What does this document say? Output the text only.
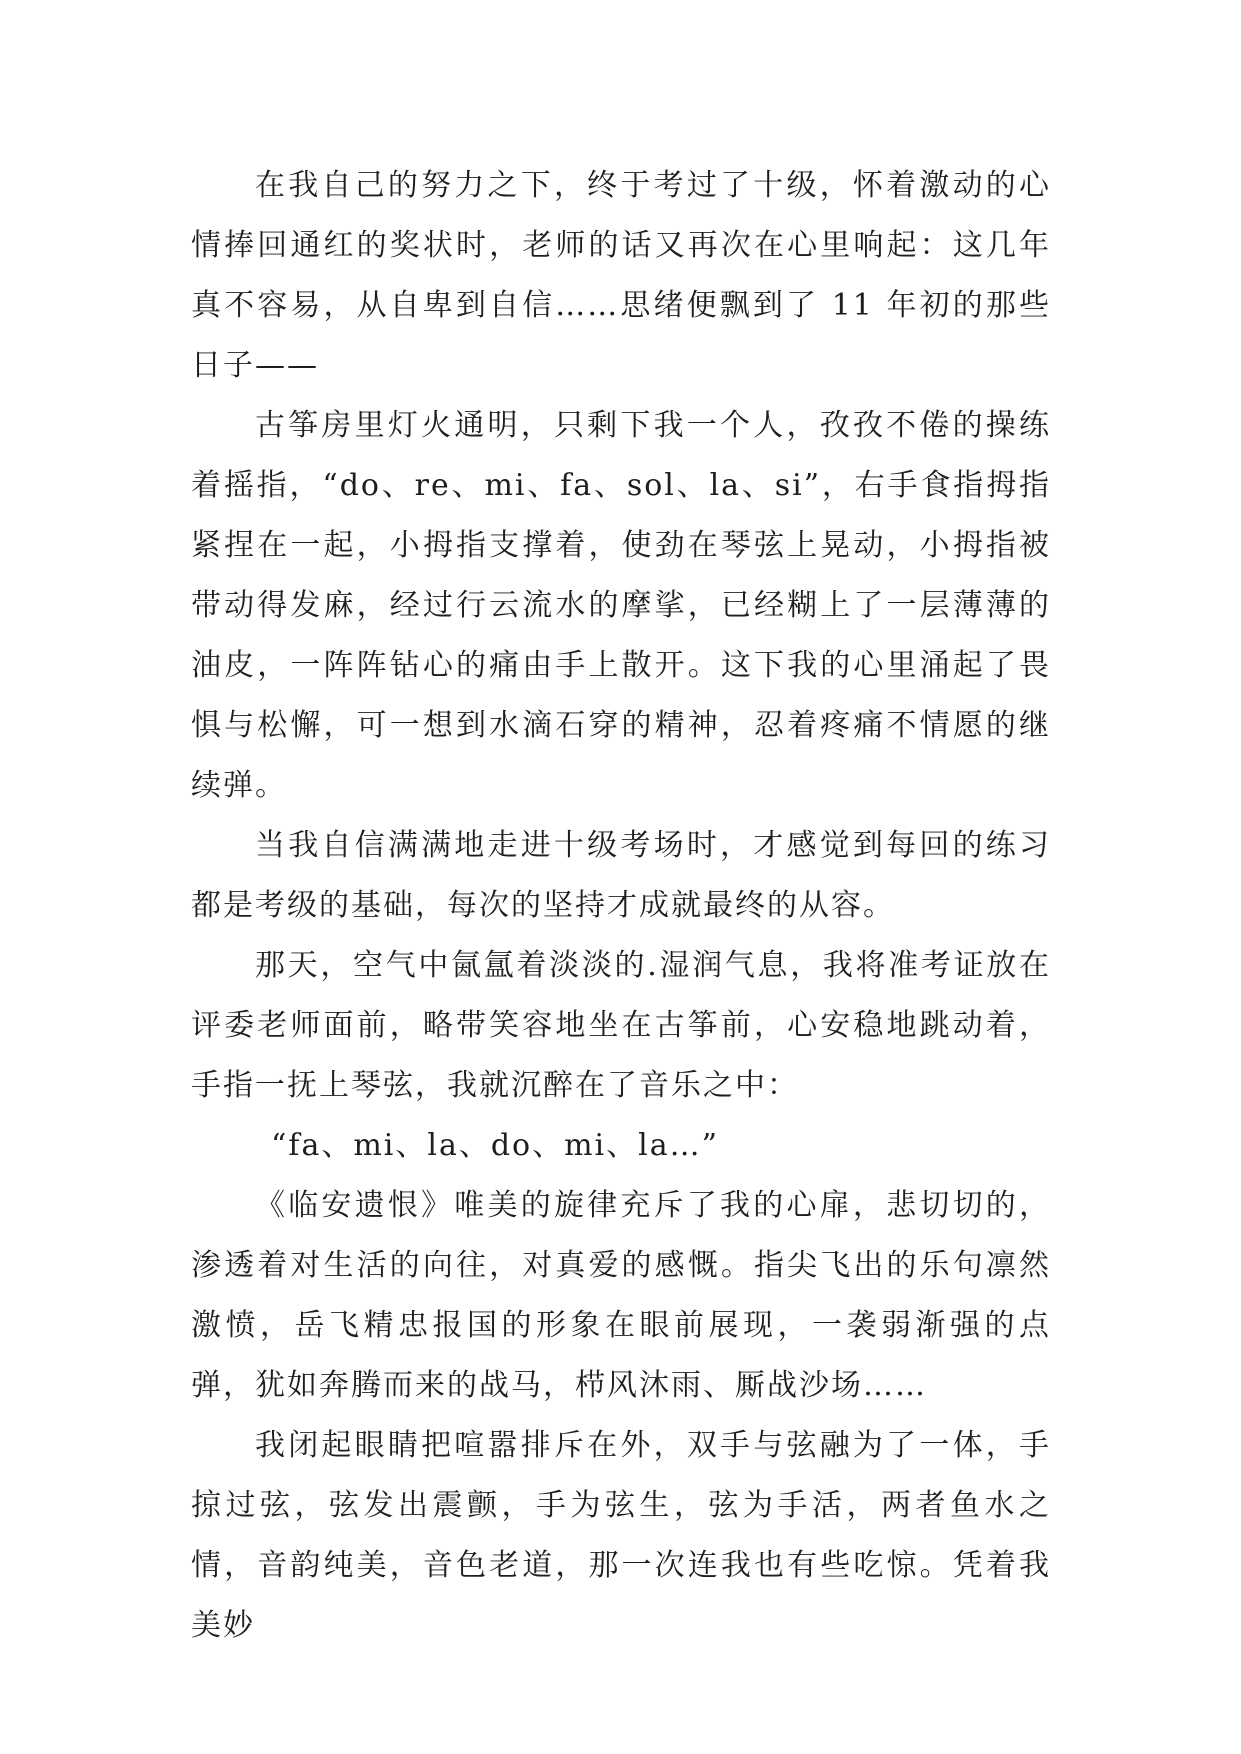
在我自己的努力之下，终于考过了十级，怀着激动的心情捧回通红的奖状时，老师的话又再次在心里响起：这几年真不容易，从自卑到自信……思绪便飘到了 11 年初的那些日子——

古筝房里灯火通明，只剩下我一个人，孜孜不倦的操练着摇指，“do、re、mi、fa、sol、la、si”，右手食指拇指紧捏在一起，小拇指支撑着，使劲在琴弦上晃动，小拇指被带动得发麻，经过行云流水的摩挲，已经糊上了一层薄薄的油皮，一阵阵钻心的痛由手上散开。这下我的心里涌起了畏惧与松懈，可一想到水滴石穿的精神，忍着疼痛不情愿的继续弹。

当我自信满满地走进十级考场时，才感觉到每回的练习都是考级的基础，每次的坚持才成就最终的从容。

那天，空气中氤氲着淡淡的.湿润气息，我将准考证放在评委老师面前，略带笑容地坐在古筝前，心安稳地跳动着，手指一抚上琴弦，我就沉醉在了音乐之中：

“fa、mi、la、do、mi、la…”

《临安遗恨》唯美的旋律充斥了我的心扉，悲切切的，渗透着对生活的向往，对真爱的感慨。指尖飞出的乐句凛然激愤，岳飞精忠报国的形象在眼前展现，一袭弱渐强的点弹，犹如奔腾而来的战马，栉风沐雨、厮战沙场……

我闭起眼睛把喧嚣排斥在外，双手与弦融为了一体，手掠过弦，弦发出震颤，手为弦生，弦为手活，两者鱼水之情，音韵纯美，音色老道，那一次连我也有些吃惊。凭着我美妙
